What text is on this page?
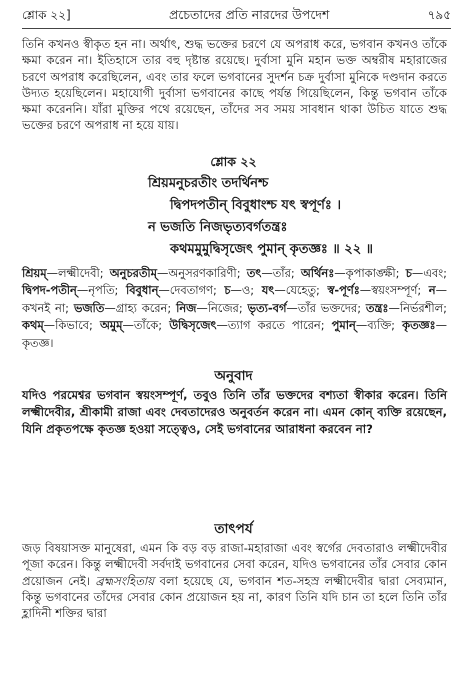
শ্লোক ২২]	প্রচেতাদের প্রতি নারদের উপদেশ	৭৯৫
তিনি কখনও স্বীকৃত হন না। অর্থাৎ, শুদ্ধ ভক্তের চরণে যে অপরাধ করে, ভগবান কখনও তাঁকে ক্ষমা করেন না। ইতিহাসে তার বহু দৃষ্টান্ত রয়েছে। দুর্বাসা মুনি মহান ভক্ত অম্বরীষ মহারাজের চরণে অপরাধ করেছিলেন, এবং তার ফলে ভগবানের সুদর্শন চক্র দুর্বাসা মুনিকে দণ্ডদান করতে উদ্যত হয়েছিলেন। মহাযোগী দুর্বাসা ভগবানের কাছে পর্যন্ত গিয়েছিলেন, কিন্তু ভগবান তাঁকে ক্ষমা করেননি। যাঁরা মুক্তির পথে রয়েছেন, তাঁদের সব সময় সাবধান থাকা উচিত যাতে শুদ্ধ ভক্তের চরণে অপরাধ না হয়ে যায়।
শ্লোক ২২
শ্রিয়মনুচরতীং তদর্থিনশ্চ
দ্বিপদপতীন্ বিবুধাংশ্চ যৎ স্বপূর্ণঃ ।
ন ভজতি নিজভৃত্যবর্গতন্ত্রঃ
কথমমুমুদ্বিসৃজেৎ পুমান্ কৃতজ্ঞঃ ॥ ২২ ॥
শ্রিয়ম্—লক্ষ্মীদেবী; অনুচরতীম্—অনুসরণকারিণী; তৎ—তাঁর; অর্থিনঃ—কৃপাকাঙ্ক্ষী; চ—এবং; দ্বিপদ-পতীন্—নৃপতি; বিবুধান্—দেবতাগণ; চ—ও; যৎ—যেহেতু; স্ব-পূর্ণঃ—স্বয়ংসম্পূর্ণ; ন—কখনই না; ভজতি—গ্রাহ্য করেন; নিজ—নিজের; ভৃত্য-বর্গ—তাঁর ভক্তদের; তন্ত্রঃ—নির্ভরশীল; কথম্—কিভাবে; অমুম্—তাঁকে; উদ্বিসৃজেৎ—ত্যাগ করতে পারেন; পুমান্—ব্যক্তি; কৃতজ্ঞঃ—কৃতজ্ঞ।
অনুবাদ
যদিও পরমেশ্বর ভগবান স্বয়ংসম্পূর্ণ, তবুও তিনি তাঁর ভক্তদের বশ্যতা স্বীকার করেন। তিনি লক্ষ্মীদেবীর, শ্রীকামী রাজা এবং দেবতাদেরও অনুবর্তন করেন না। এমন কোন্ ব্যক্তি রয়েছেন, যিনি প্রকৃতপক্ষে কৃতজ্ঞ হওয়া সত্ত্বেও, সেই ভগবানের আরাধনা করবেন না?
তাৎপর্য
জড় বিষয়াসক্ত মানুষেরা, এমন কি বড় বড় রাজা-মহারাজা এবং স্বর্গের দেবতারাও লক্ষ্মীদেবীর পূজা করেন। কিন্তু লক্ষ্মীদেবী সর্বদাই ভগবানের সেবা করেন, যদিও ভগবানের তাঁর সেবার কোন প্রয়োজন নেই। ব্রহ্মসংহিতায় বলা হয়েছে যে, ভগবান শত-সহস্র লক্ষ্মীদেবীর দ্বারা সেব্যমান, কিন্তু ভগবানের তাঁদের সেবার কোন প্রয়োজন হয় না, কারণ তিনি যদি চান তা হলে তিনি তাঁর হ্লাদিনী শক্তির দ্বারা
